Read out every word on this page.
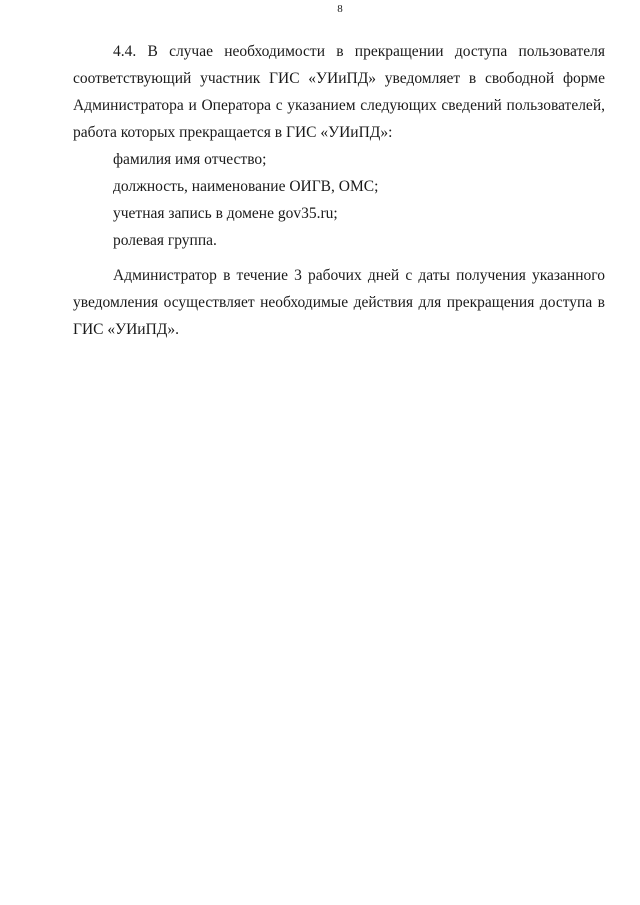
8

4.4. В случае необходимости в прекращении доступа пользователя соответствующий участник ГИС «УИиПД» уведомляет в свободной форме Администратора и Оператора с указанием следующих сведений пользователей, работа которых прекращается в ГИС «УИиПД»:

фамилия имя отчество;

должность, наименование ОИГВ, ОМС;

учетная запись в домене gov35.ru;

ролевая группа.

Администратор в течение 3 рабочих дней с даты получения указанного уведомления осуществляет необходимые действия для прекращения доступа в ГИС «УИиПД».
